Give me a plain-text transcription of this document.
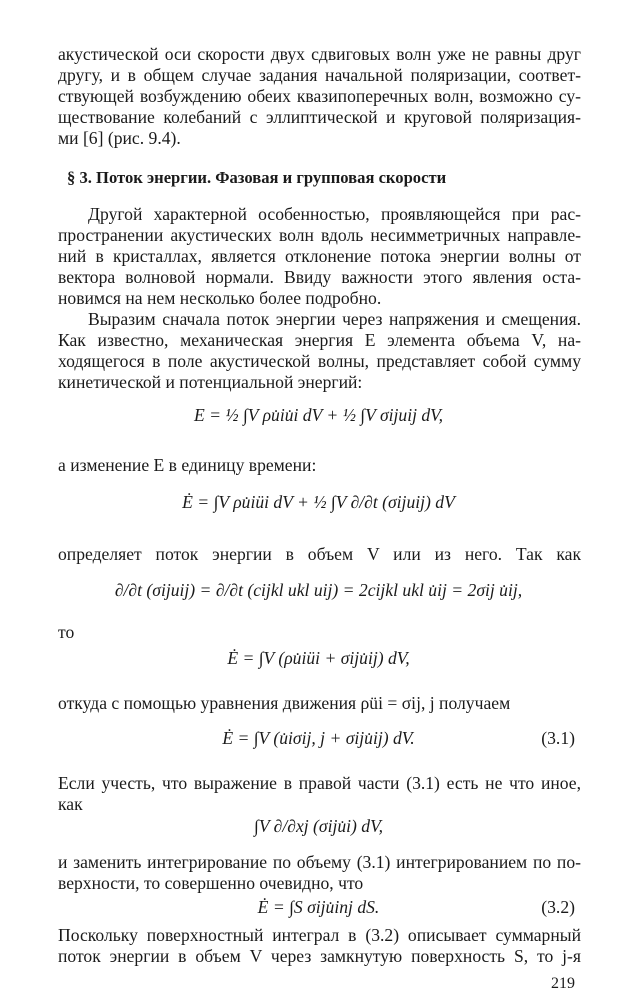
акустической оси скорости двух сдвиговых волн уже не равны друг
другу, и в общем случае задания начальной поляризации, соответ-
ствующей возбуждению обеих квазипоперечных волн, возможно су-
ществование колебаний с эллиптической и круговой поляризация-
ми [6] (рис. 9.4).
§ 3. Поток энергии. Фазовая и групповая скорости
Другой характерной особенностью, проявляющейся при рас-
пространении акустических волн вдоль несимметричных направле-
ний в кристаллах, является отклонение потока энергии волны от
вектора волновой нормали. Ввиду важности этого явления оста-
новимся на нем несколько более подробно.
Выразим сначала поток энергии через напряжения и смещения.
Как известно, механическая энергия E элемента объема V, на-
ходящегося в поле акустической волны, представляет собой сумму
кинетической и потенциальной энергий:
E = ½ ∫V ρu̇iu̇i dV + ½ ∫V σijuij dV,
а изменение E в единицу времени:
Ė = ∫V ρu̇iüi dV + ½ ∫V ∂/∂t (σijuij) dV
определяет поток энергии в объем V или из него. Так как
∂/∂t (σijuij) = ∂/∂t (cijkl ukl uij) = 2cijkl ukl u̇ij = 2σij u̇ij,
то
Ė = ∫V (ρu̇iüi + σiju̇ij) dV,
откуда с помощью уравнения движения ρüi = σij, j получаем
Ė = ∫V (u̇iσij, j + σiju̇ij) dV.	(3.1)
Если учесть, что выражение в правой части (3.1) есть не что иное,
как
∫V ∂/∂xj (σiju̇i) dV,
и заменить интегрирование по объему (3.1) интегрированием по по-
верхности, то совершенно очевидно, что
Ė = ∫S σiju̇inj dS.	(3.2)
Поскольку поверхностный интеграл в (3.2) описывает суммарный
поток энергии в объем V через замкнутую поверхность S, то j-я
219
